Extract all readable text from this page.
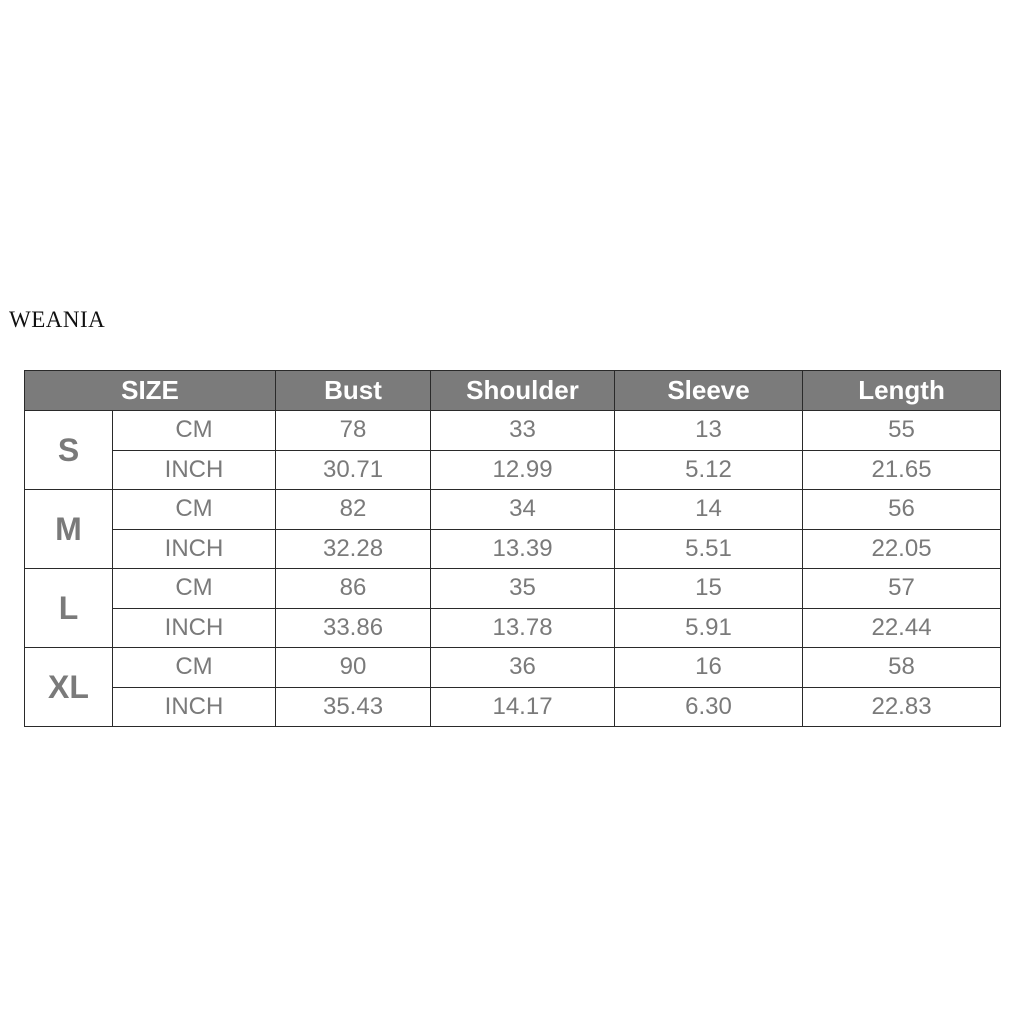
WEANIA
SIZE		Bust	Shoulder	Sleeve	Length
S	CM	78	33	13	55
	INCH	30.71	12.99	5.12	21.65
M	CM	82	34	14	56
	INCH	32.28	13.39	5.51	22.05
L	CM	86	35	15	57
	INCH	33.86	13.78	5.91	22.44
XL	CM	90	36	16	58
	INCH	35.43	14.17	6.30	22.83
